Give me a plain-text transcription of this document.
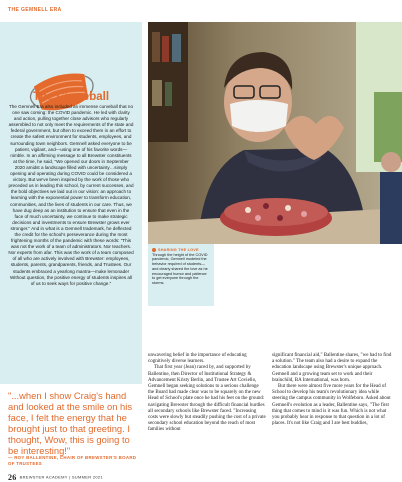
THE GEMNELL ERA
The Curveball

The Gemnell Era also included an immense curveball that no one saw coming: the COVID pandemic. He led with clarity and action, pulling together close advisors who regularly assembled to not only meet the requirements of the state and federal government, but often to exceed them in an effort to create the safest environment for students, employees, and surrounding town neighbors. Gemnell asked everyone to be patient, vigilant, and—using one of his favorite words—nimble. In an affirming message to all Brewster constituents at the time, he said, "We opened our doors in September 2020 amidst a landscape filled with uncertainty…simply opening and operating during COVID could be considered a victory. But we've been inspired by the work of those who preceded us in leading this school, by current successes, and the bold objectives we laid out in our vision: an approach to learning with the exponential power to transform education, communities, and the lives of students in our care. Thus, we have dug deep as an institution to ensure that even in the face of much uncertainty, we continue to make strategic decisions and investments to ensure Brewster grows ever stronger." And in what is a Gemnell trademark, he deflected the credit for the school's perseverance during the most frightening months of the pandemic with these words: "This was not the work of a team of administrators. Nor teachers. Nor experts from afar. This was the work of a team composed of all who are actively involved with Brewster: employees, students, parents, grandparents, friends, and Trustees. Our students embraced a yearlong mantra—make lemonade! Without question, the positive energy of students inspires all of us to seek ways for positive change."

SHARING THE LOVE
Through the height of the COVID pandemic, Gemnell modeled the behavior required of students—and clearly shared the love as he encouraged humor and patience to get everyone through the storms.

"...when I show Craig's hand and looked at the smile on his face, I felt the energy that he brought just to that greeting. I thought, Wow, this is going to be interesting!"

— ROY BALLENTINE, CHAIR OF BREWSTER'S BOARD OF TRUSTEES

unwavering belief in the importance of educating cognitively diverse learners.

That first year (Jean) raced by, and supported by Ballentine, then Director of Institutional Strategy & Advancement Kristy Berlin, and Trustee Art Coviello, Gemnell began seeking solutions to a serious challenge the Board had made clear was to be squarely on the new Head of School's plate once he had his feet on the ground: navigating Brewster through the difficult financial hurdles all secondary schools like Brewster faced. "Increasing costs were slowly but steadily pushing the cost of a private secondary school education beyond the reach of most families without

significant financial aid," Ballentine shares, "we had to find a solution." The team also had a desire to expand the education landscape using Brewster's unique approach. Gemnell and a growing team set to work and their brainchild, BA International, was born.

But there were almost five more years for the Head of School to develop his team's revolutionary idea while steering the campus community in Wolfeboro. Asked about Gemnell's evolution as a leader, Ballentine says, "The first thing that comes to mind is it was fun. Which is not what you probably hear in response to that question in a lot of places. It's not like Craig and I are best buddies,

26 BREWSTER ACADEMY | SUMMER 2021
